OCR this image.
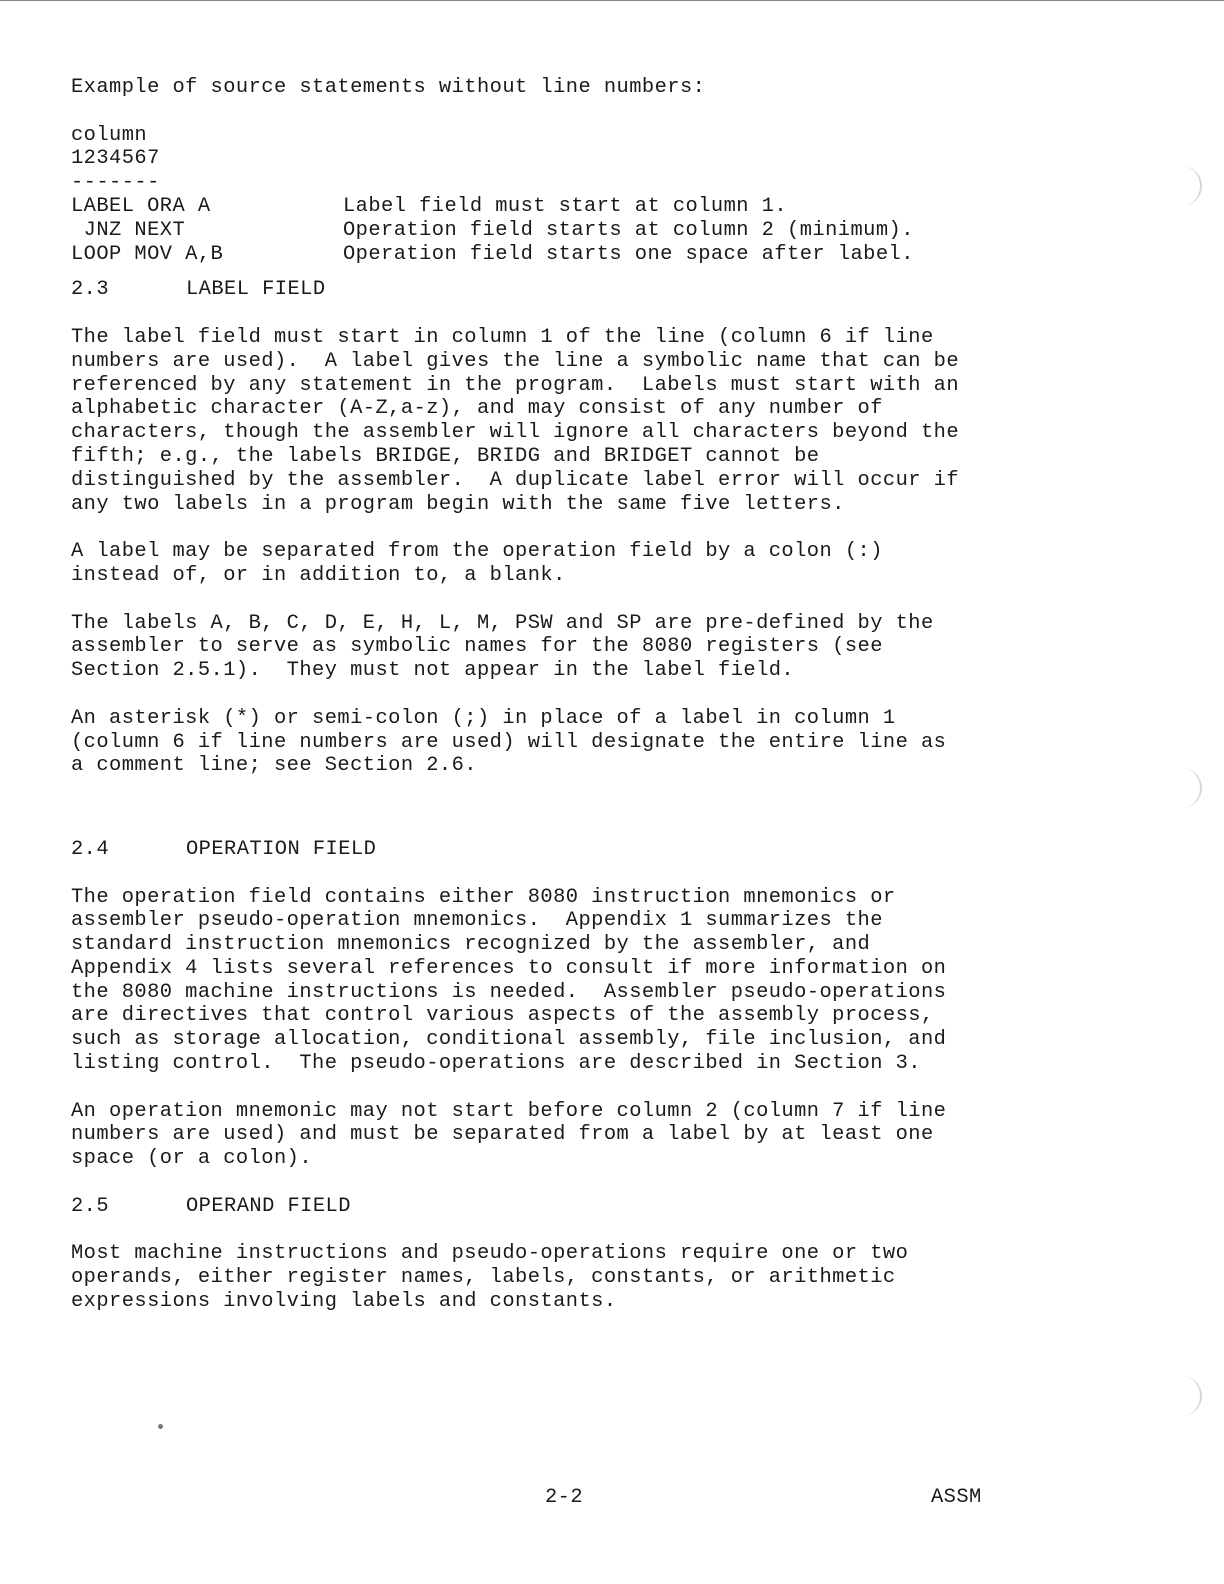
Example of source statements without line numbers:

column

1234567

-------

LABEL ORA A	Label field must start at column 1.
JNZ NEXT	Operation field starts at column 2 (minimum).
LOOP MOV A,B	Operation field starts one space after label.
2.3	LABEL FIELD

The label field must start in column 1 of the line (column 6 if line

numbers are used).  A label gives the line a symbolic name that can be

referenced by any statement in the program.  Labels must start with an

alphabetic character (A-Z,a-z), and may consist of any number of

characters, though the assembler will ignore all characters beyond the

fifth; e.g., the labels BRIDGE, BRIDG and BRIDGET cannot be

distinguished by the assembler.  A duplicate label error will occur if

any two labels in a program begin with the same five letters.

A label may be separated from the operation field by a colon (:)

instead of, or in addition to, a blank.

The labels A, B, C, D, E, H, L, M, PSW and SP are pre-defined by the

assembler to serve as symbolic names for the 8080 registers (see

Section 2.5.1).  They must not appear in the label field.

An asterisk (*) or semi-colon (;) in place of a label in column 1

(column 6 if line numbers are used) will designate the entire line as

a comment line; see Section 2.6.

2.4	OPERATION FIELD

The operation field contains either 8080 instruction mnemonics or

assembler pseudo-operation mnemonics.  Appendix 1 summarizes the

standard instruction mnemonics recognized by the assembler, and

Appendix 4 lists several references to consult if more information on

the 8080 machine instructions is needed.  Assembler pseudo-operations

are directives that control various aspects of the assembly process,

such as storage allocation, conditional assembly, file inclusion, and

listing control.  The pseudo-operations are described in Section 3.

An operation mnemonic may not start before column 2 (column 7 if line

numbers are used) and must be separated from a label by at least one

space (or a colon).

2.5	OPERAND FIELD

Most machine instructions and pseudo-operations require one or two

operands, either register names, labels, constants, or arithmetic

expressions involving labels and constants.

2-2	ASSM
